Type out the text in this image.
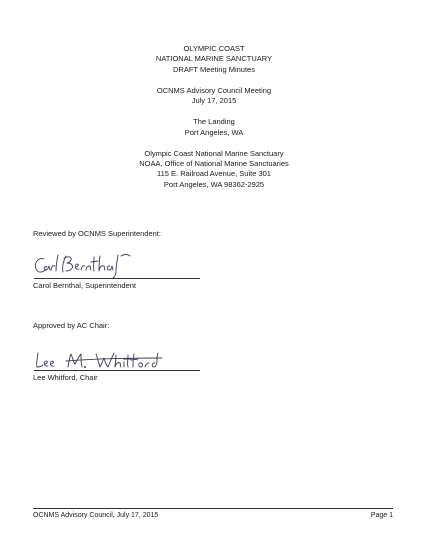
OLYMPIC COAST
NATIONAL MARINE SANCTUARY
DRAFT Meeting Minutes
OCNMS Advisory Council Meeting
July 17, 2015
The Landing
Port Angeles, WA
Olympic Coast National Marine Sanctuary
NOAA, Office of National Marine Sanctuaries
115 E. Railroad Avenue, Suite 301
Port Angeles, WA 98362-2925
Reviewed by OCNMS Superintendent:
Carol Bernthal, Superintendent
Approved by AC Chair:
Lee Whitford, Chair
OCNMS Advisory Council, July 17, 2015	Page 1
